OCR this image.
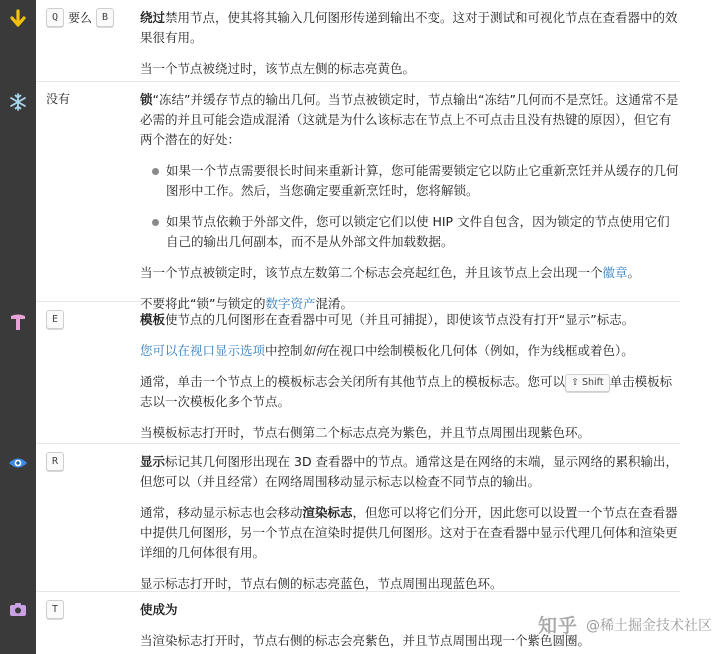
Q 要么 B	绕过禁用节点，使其将其输入几何图形传递到输出不变。这对于测试和可视化节点在查看器中的效果很有用。

当一个节点被绕过时，该节点左侧的标志亮黄色。

没有	锁“冻结”并缓存节点的输出几何。当节点被锁定时，节点输出“冻结”几何而不是烹饪。这通常不是必需的并且可能会造成混淆（这就是为什么该标志在节点上不可点击且没有热键的原因），但它有两个潜在的好处：

如果一个节点需要很长时间来重新计算，您可能需要锁定它以防止它重新烹饪并从缓存的几何图形中工作。然后，当您确定要重新烹饪时，您将解锁。
如果节点依赖于外部文件，您可以锁定它们以使 HIP 文件自包含，因为锁定的节点使用它们自己的输出几何副本，而不是从外部文件加载数据。

当一个节点被锁定时，该节点左数第二个标志会亮起红色，并且该节点上会出现一个徽章。

不要将此“锁”与锁定的数字资产混淆。

E	模板使节点的几何图形在查看器中可见（并且可捕捉），即使该节点没有打开“显示”标志。

您可以在视口显示选项中控制如何在视口中绘制模板化几何体（例如，作为线框或着色）。

通常，单击一个节点上的模板标志会关闭所有其他节点上的模板标志。您可以 ⇧ Shift 单击模板标志以一次模板化多个节点。

当模板标志打开时，节点右侧第二个标志点亮为紫色，并且节点周围出现紫色环。

R	显示标记其几何图形出现在 3D 查看器中的节点。通常这是在网络的末端，显示网络的累积输出，但您可以（并且经常）在网络周围移动显示标志以检查不同节点的输出。

通常，移动显示标志也会移动渲染标志，但您可以将它们分开，因此您可以设置一个节点在查看器中提供几何图形，另一个节点在渲染时提供几何图形。这对于在查看器中显示代理几何体和渲染更详细的几何体很有用。

显示标志打开时，节点右侧的标志亮蓝色，节点周围出现蓝色环。

T	使成为

当渲染标志打开时，节点右侧的标志会亮紫色，并且节点周围出现一个紫色圆圈。

知乎 @稀土掘金技术社区
